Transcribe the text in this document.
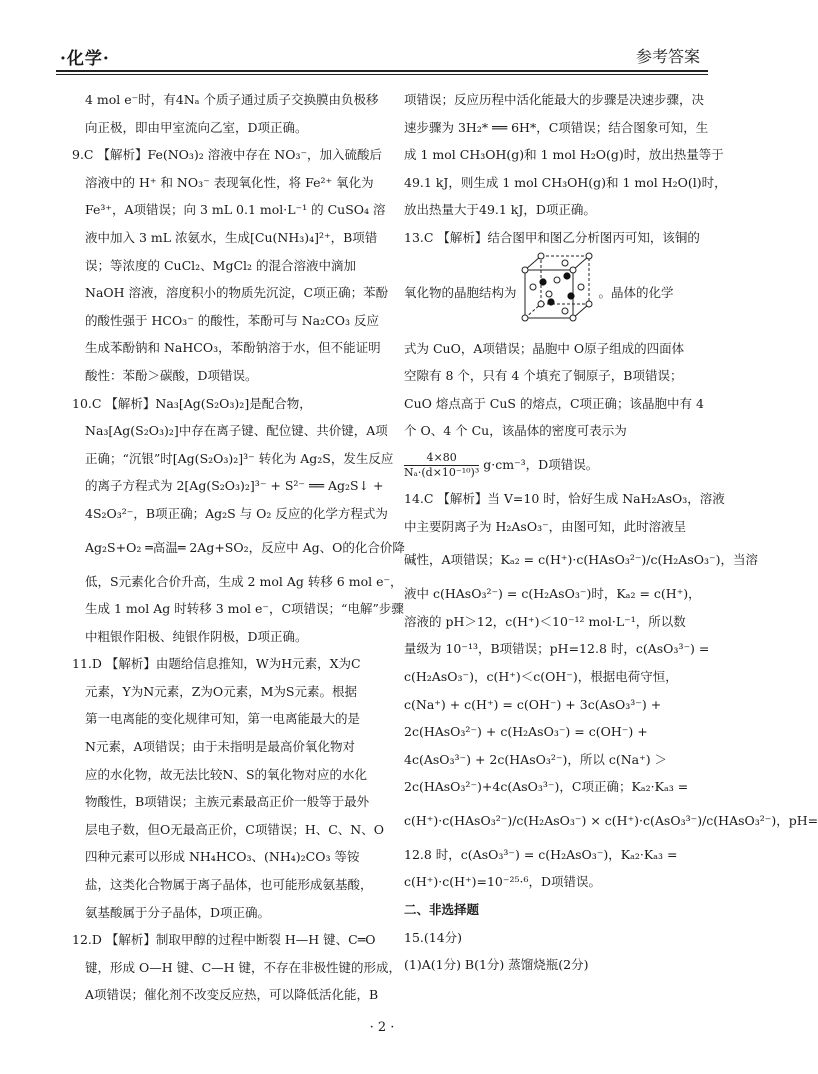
·化学·	参考答案

4 mol e⁻时，有4Nₐ 个质子通过质子交换膜由负极移

向正极，即由甲室流向乙室，D项正确。

9.C 【解析】Fe(NO₃)₂ 溶液中存在 NO₃⁻，加入硫酸后

溶液中的 H⁺ 和 NO₃⁻ 表现氧化性，将 Fe²⁺ 氧化为

Fe³⁺，A项错误；向 3 mL 0.1 mol·L⁻¹ 的 CuSO₄ 溶

液中加入 3 mL 浓氨水，生成[Cu(NH₃)₄]²⁺，B项错

误；等浓度的 CuCl₂、MgCl₂ 的混合溶液中滴加

NaOH 溶液，溶度积小的物质先沉淀，C项正确；苯酚

的酸性强于 HCO₃⁻ 的酸性，苯酚可与 Na₂CO₃ 反应

生成苯酚钠和 NaHCO₃，苯酚钠溶于水，但不能证明

酸性：苯酚＞碳酸，D项错误。

10.C 【解析】Na₃[Ag(S₂O₃)₂]是配合物，

Na₃[Ag(S₂O₃)₂]中存在离子键、配位键、共价键，A项

正确；“沉银”时[Ag(S₂O₃)₂]³⁻ 转化为 Ag₂S，发生反应

的离子方程式为 2[Ag(S₂O₃)₂]³⁻ + S²⁻ ══ Ag₂S↓ +

4S₂O₃²⁻，B项正确；Ag₂S 与 O₂ 反应的化学方程式为

Ag₂S+O₂ ═高温═ 2Ag+SO₂，反应中 Ag、O的化合价降

低，S元素化合价升高，生成 2 mol Ag 转移 6 mol e⁻，

生成 1 mol Ag 时转移 3 mol e⁻，C项错误；“电解”步骤

中粗银作阳极、纯银作阴极，D项正确。

11.D 【解析】由题给信息推知，W为H元素，X为C

元素，Y为N元素，Z为O元素，M为S元素。根据

第一电离能的变化规律可知，第一电离能最大的是

N元素，A项错误；由于未指明是最高价氧化物对

应的水化物，故无法比较N、S的氧化物对应的水化

物酸性，B项错误；主族元素最高正价一般等于最外

层电子数，但O无最高正价，C项错误；H、C、N、O

四种元素可以形成 NH₄HCO₃、(NH₄)₂CO₃ 等铵

盐，这类化合物属于离子晶体，也可能形成氨基酸，

氨基酸属于分子晶体，D项正确。

12.D 【解析】制取甲醇的过程中断裂 H—H 键、C═O

键，形成 O—H 键、C—H 键，不存在非极性键的形成，

A项错误；催化剂不改变反应热，可以降低活化能，B

项错误；反应历程中活化能最大的步骤是决速步骤，决

速步骤为 3H₂* ══ 6H*，C项错误；结合图象可知，生

成 1 mol CH₃OH(g)和 1 mol H₂O(g)时，放出热量等于

49.1 kJ，则生成 1 mol CH₃OH(g)和 1 mol H₂O(l)时，

放出热量大于49.1 kJ，D项正确。

13.C 【解析】结合图甲和图乙分析图丙可知，该铜的

氧化物的晶胞结构为	。晶体的化学

式为 CuO，A项错误；晶胞中 O原子组成的四面体

空隙有 8 个，只有 4 个填充了铜原子，B项错误；

CuO 熔点高于 CuS 的熔点，C项正确；该晶胞中有 4

个 O、4 个 Cu，该晶体的密度可表示为

$\frac{4\times 80}{\text{Nₐ·(d×10⁻¹⁰)³}} g\cdot cm^{-3}$，D项错误。

14.C 【解析】当 V=10 时，恰好生成 NaH₂AsO₃，溶液

中主要阴离子为 H₂AsO₃⁻，由图可知，此时溶液呈

碱性，A项错误；Kₐ₂ = c(H⁺)·c(HAsO₃²⁻)/c(H₂AsO₃⁻)，当溶

液中 c(HAsO₃²⁻) = c(H₂AsO₃⁻)时，Kₐ₂ = c(H⁺)，

溶液的 pH＞12，c(H⁺)＜10⁻¹² mol·L⁻¹，所以数

量级为 10⁻¹³，B项错误；pH=12.8 时，c(AsO₃³⁻) =

c(H₂AsO₃⁻)，c(H⁺)＜c(OH⁻)，根据电荷守恒，

c(Na⁺) + c(H⁺) = c(OH⁻) + 3c(AsO₃³⁻) +

2c(HAsO₃²⁻) + c(H₂AsO₃⁻) = c(OH⁻) +

4c(AsO₃³⁻) + 2c(HAsO₃²⁻)，所以 c(Na⁺) ＞

2c(HAsO₃²⁻)+4c(AsO₃³⁻)，C项正确；Kₐ₂·Kₐ₃ =

c(H⁺)·c(HAsO₃²⁻)/c(H₂AsO₃⁻) × c(H⁺)·c(AsO₃³⁻)/c(HAsO₃²⁻)，pH=

12.8 时，c(AsO₃³⁻) = c(H₂AsO₃⁻)，Kₐ₂·Kₐ₃ =

c(H⁺)·c(H⁺)=10⁻²⁵·⁶，D项错误。

二、非选择题

15.(14分)

(1)A(1分) B(1分) 蒸馏烧瓶(2分)

· 2 ·
